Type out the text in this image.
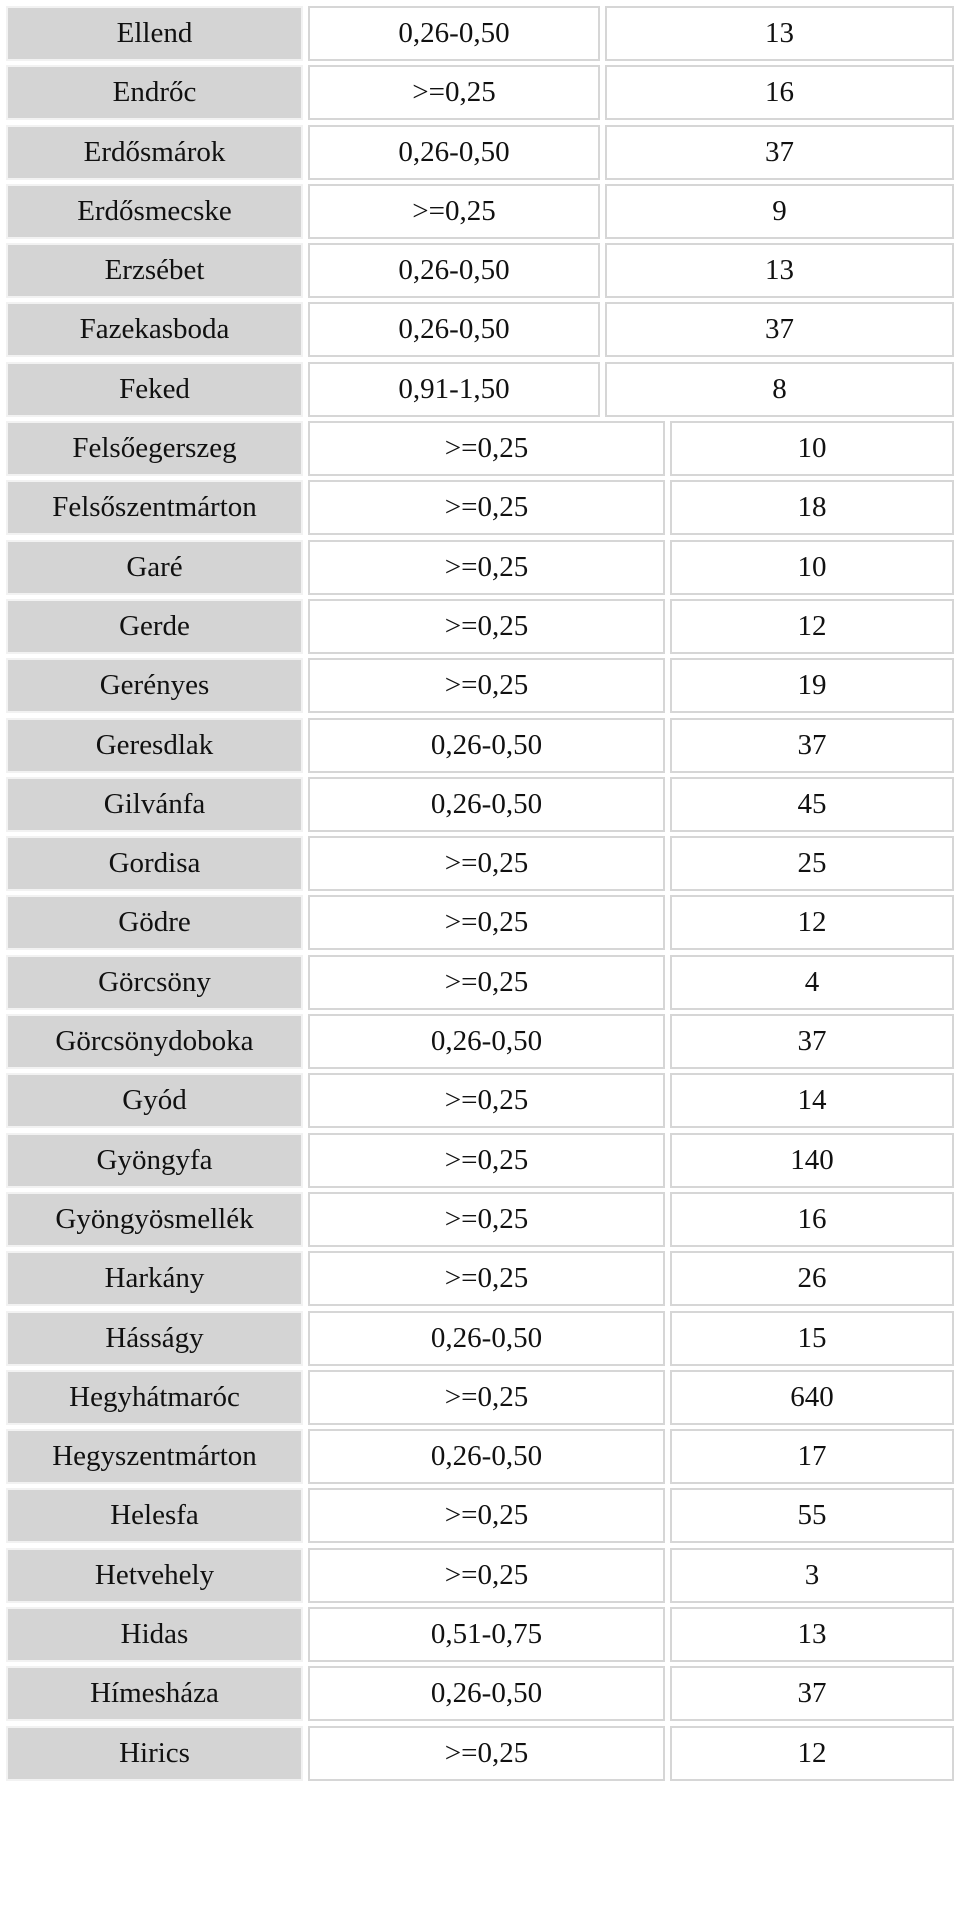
Ellend	0,26-0,50	13
Endrőc	>=0,25	16
Erdősmárok	0,26-0,50	37
Erdősmecske	>=0,25	9
Erzsébet	0,26-0,50	13
Fazekasboda	0,26-0,50	37
Feked	0,91-1,50	8
Felsőegerszeg	>=0,25	10
Felsőszentmárton	>=0,25	18
Garé	>=0,25	10
Gerde	>=0,25	12
Gerényes	>=0,25	19
Geresdlak	0,26-0,50	37
Gilvánfa	0,26-0,50	45
Gordisa	>=0,25	25
Gödre	>=0,25	12
Görcsöny	>=0,25	4
Görcsönydoboka	0,26-0,50	37
Gyód	>=0,25	14
Gyöngyfa	>=0,25	140
Gyöngyösmellék	>=0,25	16
Harkány	>=0,25	26
Hásságy	0,26-0,50	15
Hegyhátmaróc	>=0,25	640
Hegyszentmárton	0,26-0,50	17
Helesfa	>=0,25	55
Hetvehely	>=0,25	3
Hidas	0,51-0,75	13
Hímesháza	0,26-0,50	37
Hirics	>=0,25	12
